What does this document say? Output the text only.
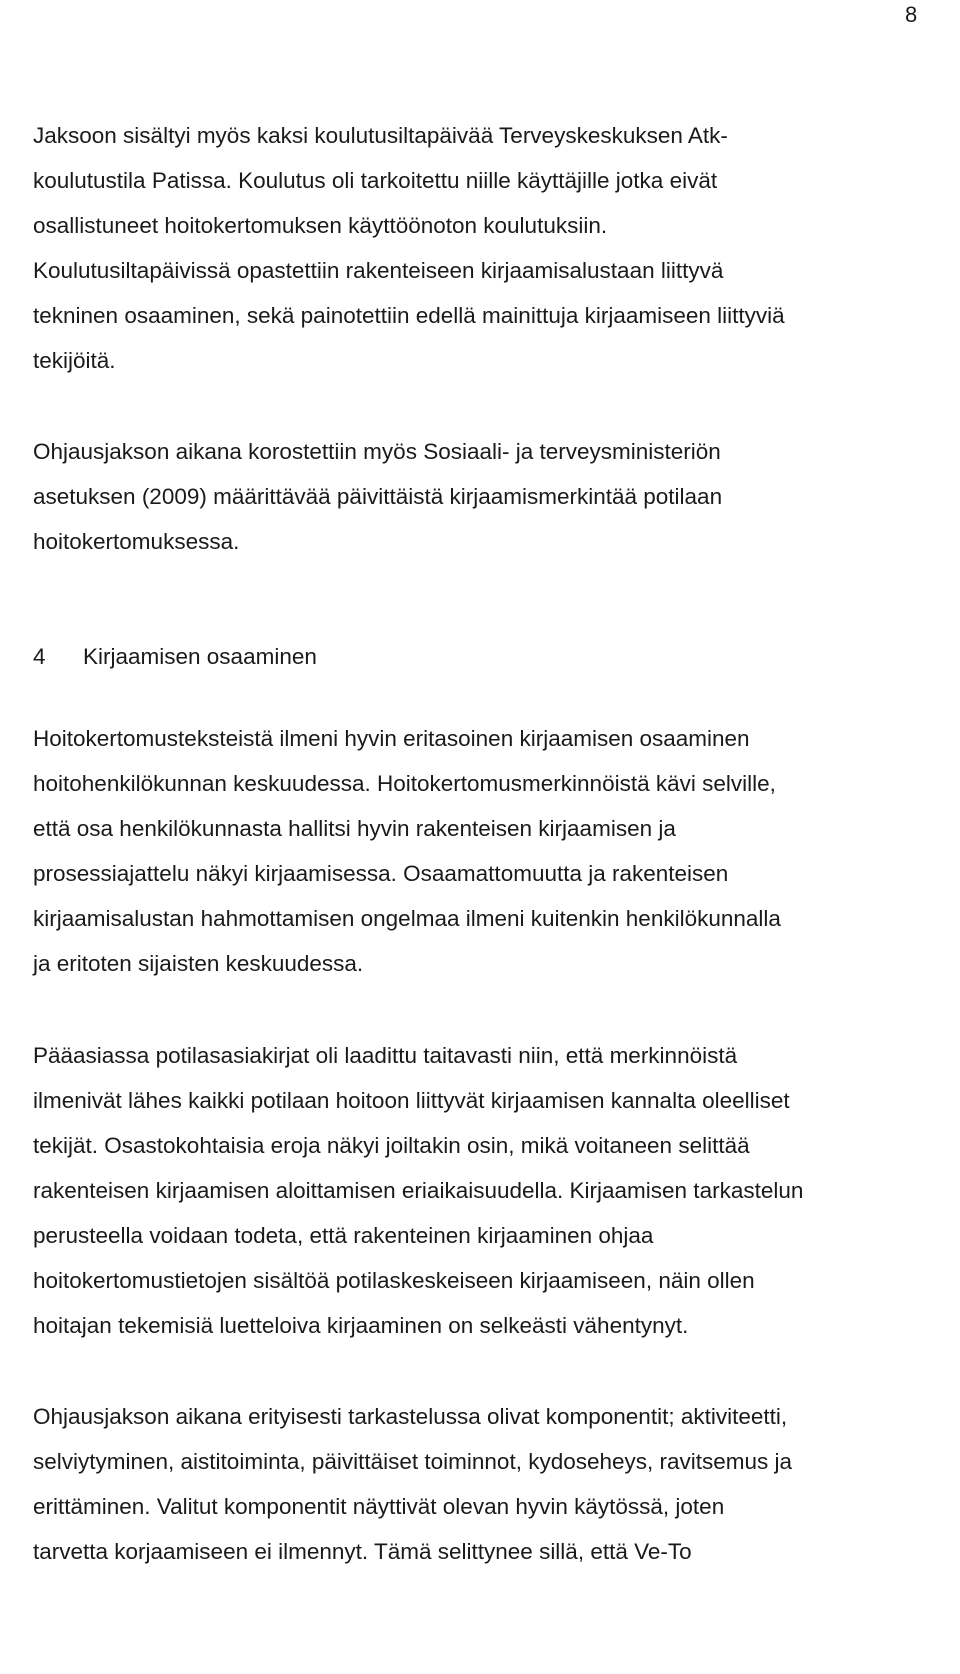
8
Jaksoon sisältyi myös kaksi koulutusiltapäivää Terveyskeskuksen Atk-
koulutustila Patissa. Koulutus oli tarkoitettu niille käyttäjille jotka eivät
osallistuneet hoitokertomuksen käyttöönoton koulutuksiin.
Koulutusiltapäivissä opastettiin rakenteiseen kirjaamisalustaan liittyvä
tekninen osaaminen, sekä painotettiin edellä mainittuja kirjaamiseen liittyviä
tekijöitä.
Ohjausjakson aikana korostettiin myös Sosiaali- ja terveysministeriön
asetuksen (2009) määrittävää päivittäistä kirjaamismerkintää potilaan
hoitokertomuksessa.
4 Kirjaamisen osaaminen
Hoitokertomusteksteistä ilmeni hyvin eritasoinen kirjaamisen osaaminen
hoitohenkilökunnan keskuudessa. Hoitokertomusmerkinnöistä kävi selville,
että osa henkilökunnasta hallitsi hyvin rakenteisen kirjaamisen ja
prosessiajattelu näkyi kirjaamisessa. Osaamattomuutta ja rakenteisen
kirjaamisalustan hahmottamisen ongelmaa ilmeni kuitenkin henkilökunnalla
ja eritoten sijaisten keskuudessa.
Pääasiassa potilasasiakirjat oli laadittu taitavasti niin, että merkinnöistä
ilmenivät lähes kaikki potilaan hoitoon liittyvät kirjaamisen kannalta oleelliset
tekijät. Osastokohtaisia eroja näkyi joiltakin osin, mikä voitaneen selittää
rakenteisen kirjaamisen aloittamisen eriaikaisuudella. Kirjaamisen tarkastelun
perusteella voidaan todeta, että rakenteinen kirjaaminen ohjaa
hoitokertomustietojen sisältöä potilaskeskeiseen kirjaamiseen, näin ollen
hoitajan tekemisiä luetteloiva kirjaaminen on selkeästi vähentynyt.
Ohjausjakson aikana erityisesti tarkastelussa olivat komponentit; aktiviteetti,
selviytyminen, aistitoiminta, päivittäiset toiminnot, kydoseheys, ravitsemus ja
erittäminen. Valitut komponentit näyttivät olevan hyvin käytössä, joten
tarvetta korjaamiseen ei ilmennyt. Tämä selittynee sillä, että Ve-To
